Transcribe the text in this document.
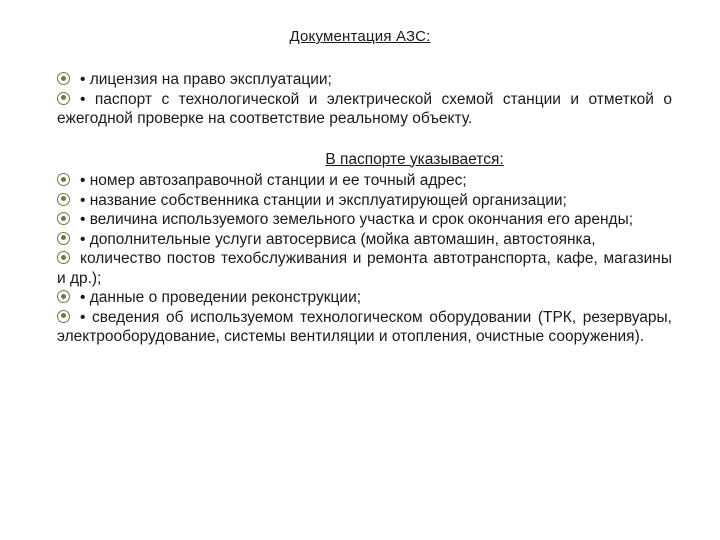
Документация АЗС:
• лицензия на право эксплуатации;
• паспорт с технологической и электрической схемой станции и отметкой о ежегодной проверке на соответствие реальному объекту.
В паспорте указывается:
• номер автозаправочной станции и ее точный адрес;
• название собственника станции и эксплуатирующей организации;
• величина используемого земельного участка и срок окончания его аренды;
• дополнительные услуги автосервиса (мойка автомашин, автостоянка,
количество постов техобслуживания и ремонта автотранспорта, кафе, магазины и др.);
• данные о проведении реконструкции;
• сведения об используемом технологическом оборудовании (ТРК, резервуары, электрооборудование, системы вентиляции и отопления, очистные сооружения).
